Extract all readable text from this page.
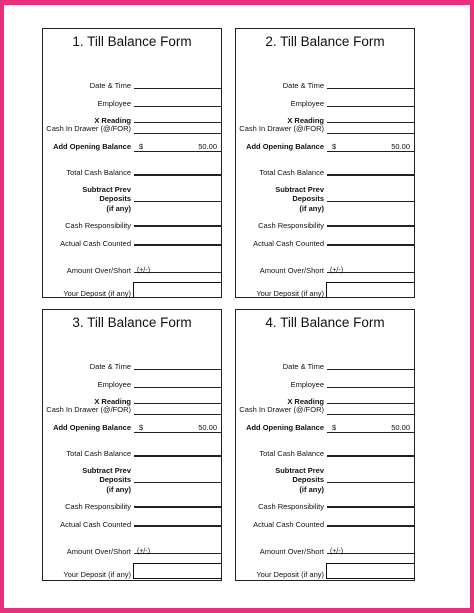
1. Till Balance Form
Date & Time
Employee
X Reading
Cash In Drawer (@/FOR)
Add Opening Balance $	50.00
Total Cash Balance
Subtract Prev
Deposits
(if any)
Cash Responsibility
Actual Cash Counted
Amount Over/Short (+/-)
Your Deposit (if any)
2. Till Balance Form
Date & Time
Employee
X Reading
Cash In Drawer (@/FOR)
Add Opening Balance $	50.00
Total Cash Balance
Subtract Prev
Deposits
(if any)
Cash Responsibility
Actual Cash Counted
Amount Over/Short (+/-)
Your Deposit (if any)
3. Till Balance Form
Date & Time
Employee
X Reading
Cash In Drawer (@/FOR)
Add Opening Balance $	50.00
Total Cash Balance
Subtract Prev
Deposits
(if any)
Cash Responsibility
Actual Cash Counted
Amount Over/Short (+/-)
Your Deposit (if any)
4. Till Balance Form
Date & Time
Employee
X Reading
Cash In Drawer (@/FOR)
Add Opening Balance $	50.00
Total Cash Balance
Subtract Prev
Deposits
(if any)
Cash Responsibility
Actual Cash Counted
Amount Over/Short (+/-)
Your Deposit (if any)
